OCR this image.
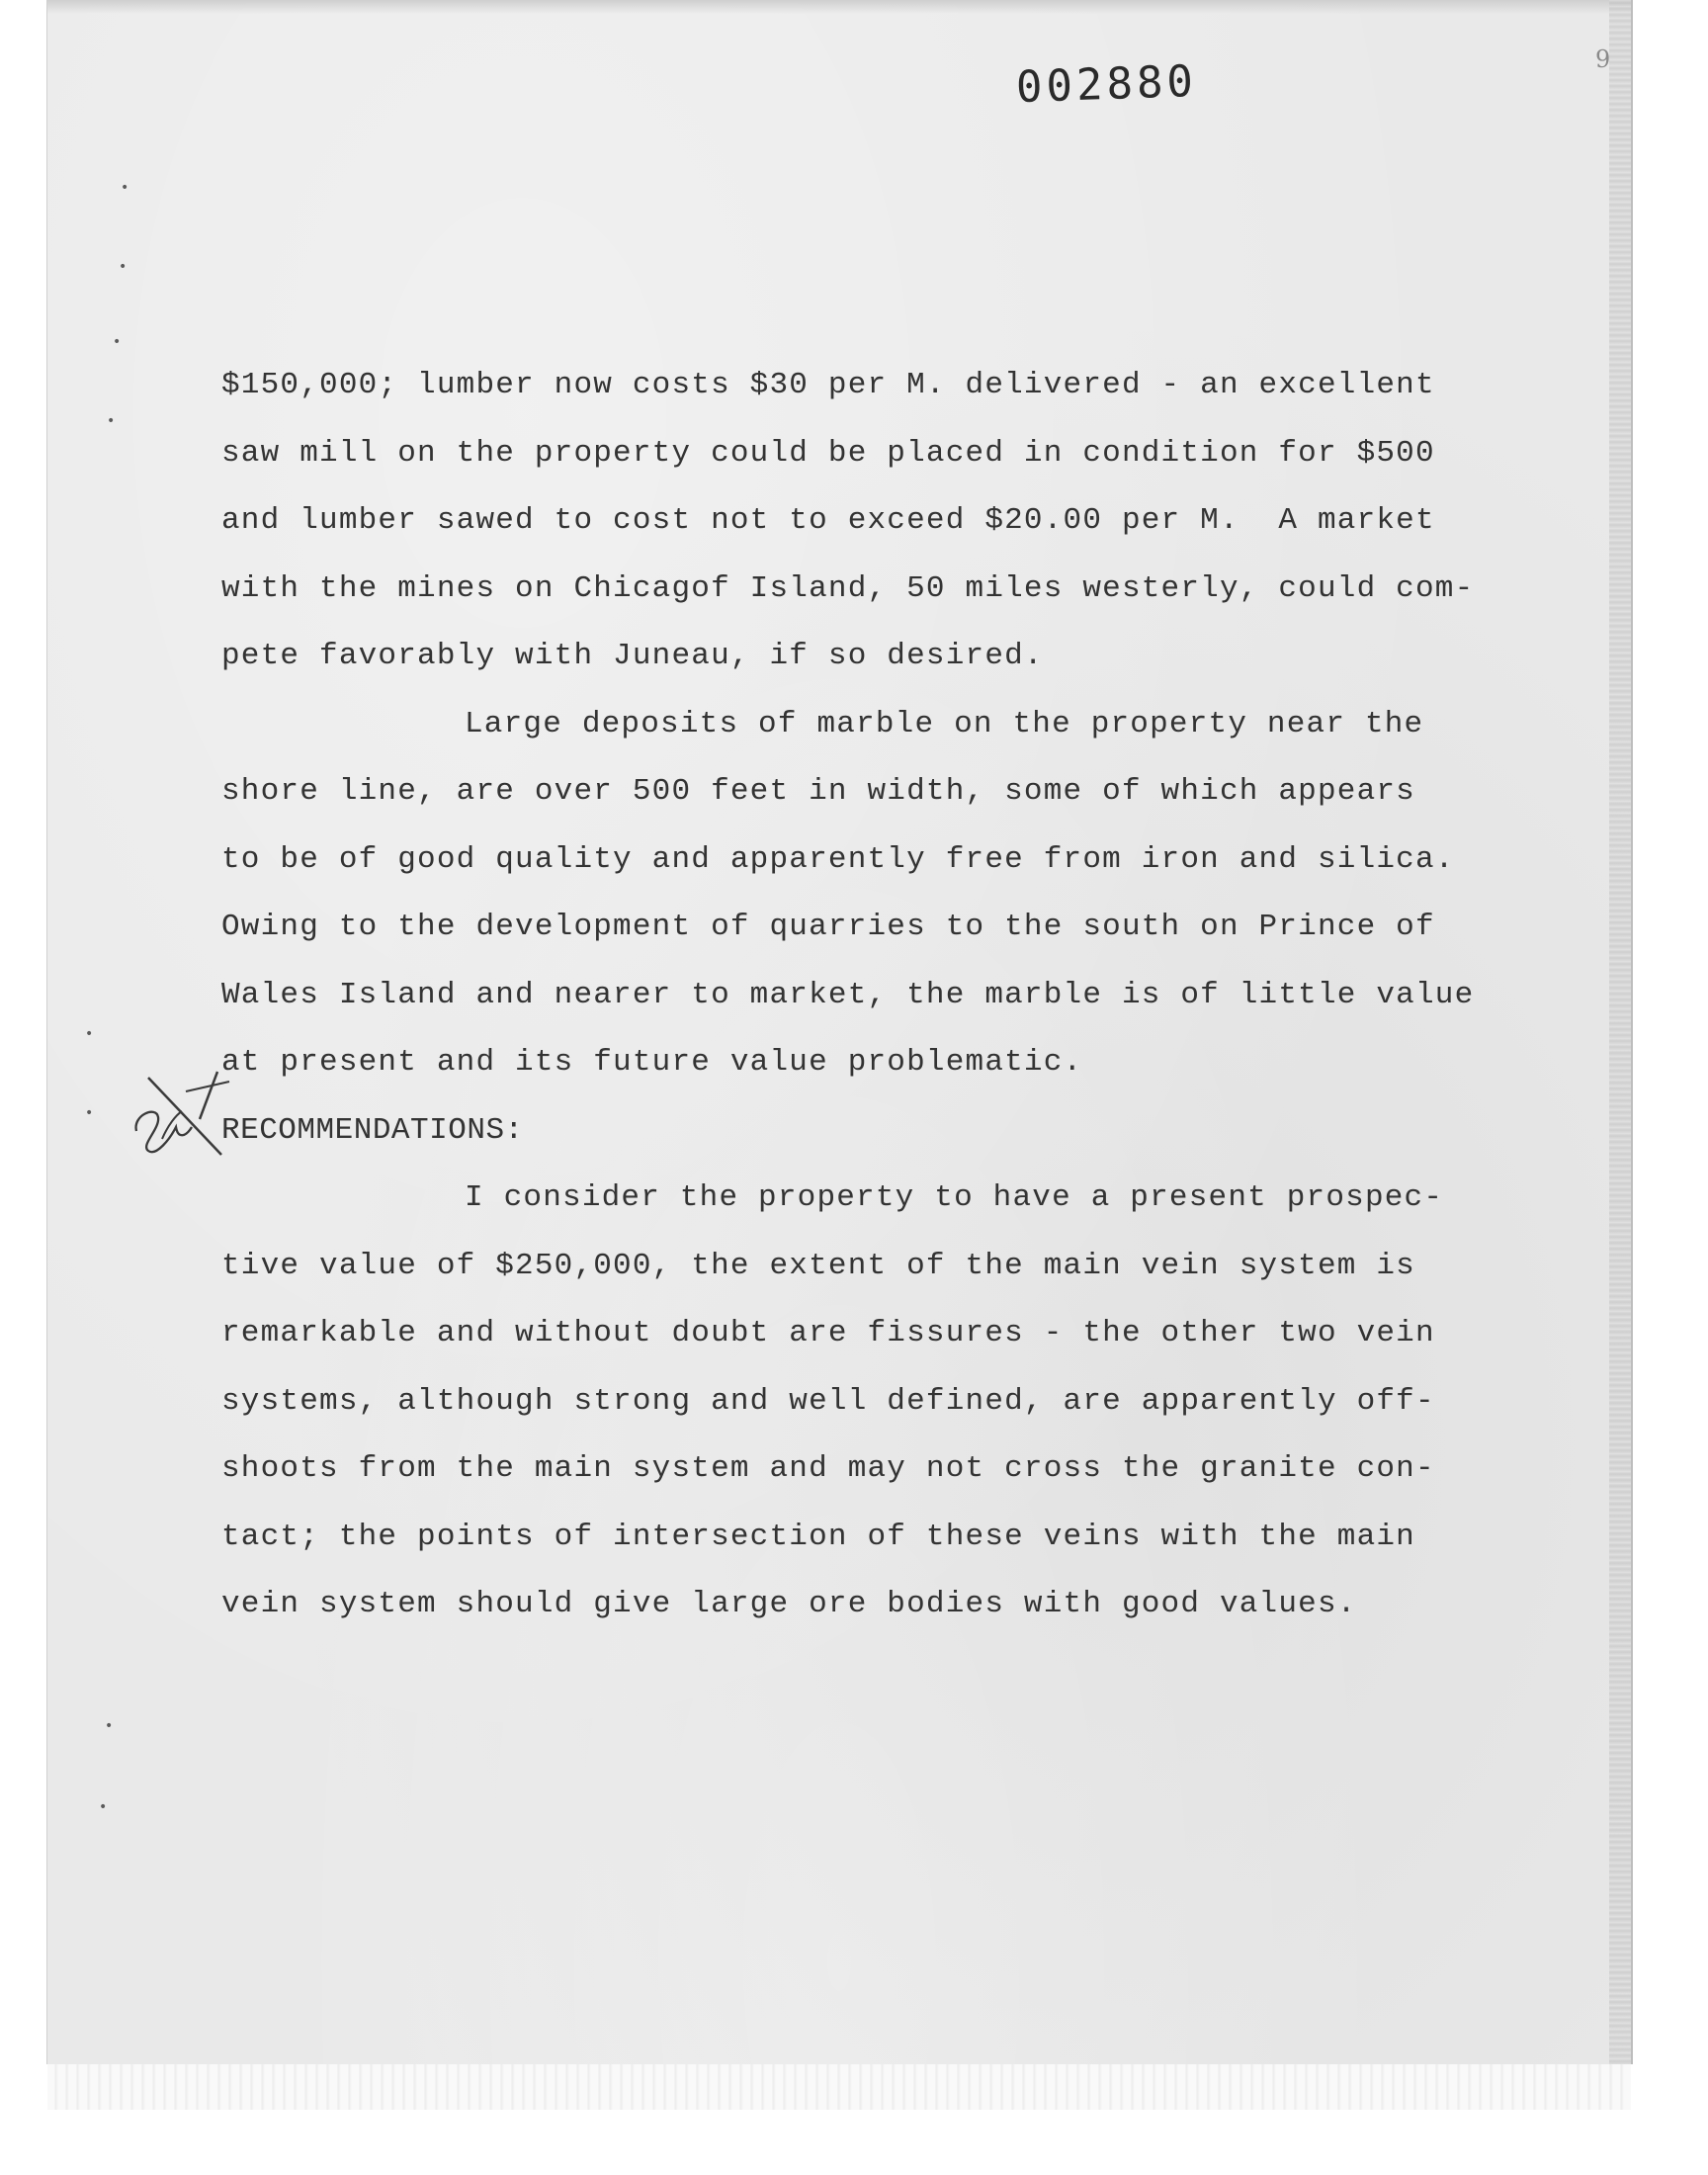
002880	9
•
•
•
•
•
•
•
•
$150,000; lumber now costs $30 per M. delivered - an excellent
saw mill on the property could be placed in condition for $500
and lumber sawed to cost not to exceed $20.00 per M.  A market
with the mines on Chicagof Island, 50 miles westerly, could com-
pete favorably with Juneau, if so desired.
Large deposits of marble on the property near the
shore line, are over 500 feet in width, some of which appears
to be of good quality and apparently free from iron and silica.
Owing to the development of quarries to the south on Prince of
Wales Island and nearer to market, the marble is of little value
at present and its future value problematic.
RECOMMENDATIONS:
I consider the property to have a present prospec-
tive value of $250,000, the extent of the main vein system is
remarkable and without doubt are fissures - the other two vein
systems, although strong and well defined, are apparently off-
shoots from the main system and may not cross the granite con-
tact; the points of intersection of these veins with the main
vein system should give large ore bodies with good values.
